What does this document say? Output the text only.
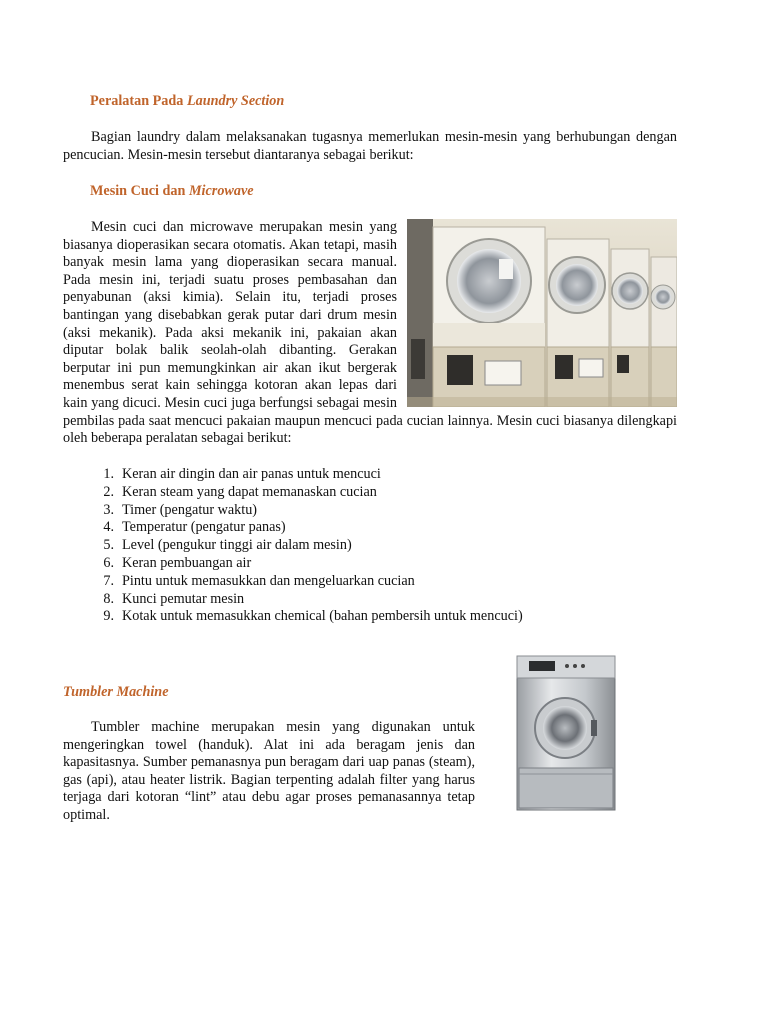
Peralatan Pada Laundry Section

Bagian laundry dalam melaksanakan tugasnya memerlukan mesin-mesin yang berhubungan dengan pencucian. Mesin-mesin tersebut diantaranya sebagai berikut:

Mesin Cuci dan Microwave
Mesin cuci dan microwave merupakan mesin yang biasanya dioperasikan secara otomatis. Akan tetapi, masih banyak mesin lama yang dioperasikan secara manual. Pada mesin ini, terjadi suatu proses pembasahan dan penyabunan (aksi kimia). Selain itu, terjadi proses bantingan yang disebabkan gerak putar dari drum mesin (aksi mekanik). Pada aksi mekanik ini, pakaian akan diputar bolak balik seolah-olah dibanting. Gerakan berputar ini pun memungkinkan air akan ikut bergerak menembus serat kain sehingga kotoran akan lepas dari kain yang dicuci. Mesin cuci juga berfungsi sebagai mesin pembilas pada saat mencuci pakaian maupun mencuci pada cucian lainnya. Mesin cuci biasanya dilengkapi oleh beberapa peralatan sebagai berikut:
1. Keran air dingin dan air panas untuk mencuci
2. Keran steam yang dapat memanaskan cucian
3. Timer (pengatur waktu)
4. Temperatur (pengatur panas)
5. Level (pengukur tinggi air dalam mesin)
6. Keran pembuangan air
7. Pintu untuk memasukkan dan mengeluarkan cucian
8. Kunci pemutar mesin
9. Kotak untuk memasukkan chemical (bahan pembersih untuk mencuci)
Tumbler Machine

Tumbler machine merupakan mesin yang digunakan untuk mengeringkan towel (handuk). Alat ini ada beragam jenis dan kapasitasnya. Sumber pemanasnya pun beragam dari uap panas (steam), gas (api), atau heater listrik. Bagian terpenting adalah filter yang harus terjaga dari kotoran “lint” atau debu agar proses pemanasannya tetap optimal.
